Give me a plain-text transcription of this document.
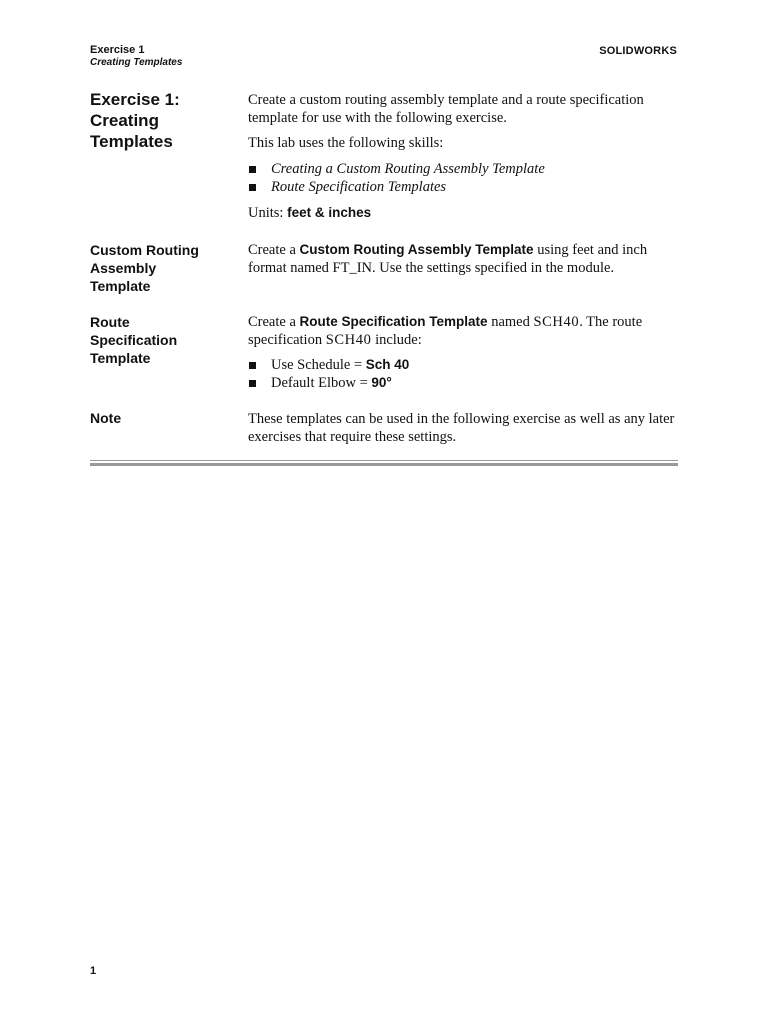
Exercise 1
Creating Templates
SOLIDWORKS
Exercise 1:
Creating
Templates

Create a custom routing assembly template and a route specification template for use with the following exercise.

This lab uses the following skills:

Creating a Custom Routing Assembly Template
Route Specification Templates

Units: feet & inches

Custom Routing
Assembly
Template

Create a Custom Routing Assembly Template using feet and inch format named FT_IN. Use the settings specified in the module.

Route
Specification
Template

Create a Route Specification Template named SCH40. The route specification SCH40 include:

Use Schedule = Sch 40
Default Elbow = 90°
Note	These templates can be used in the following exercise as well as any later exercises that require these settings.

1
